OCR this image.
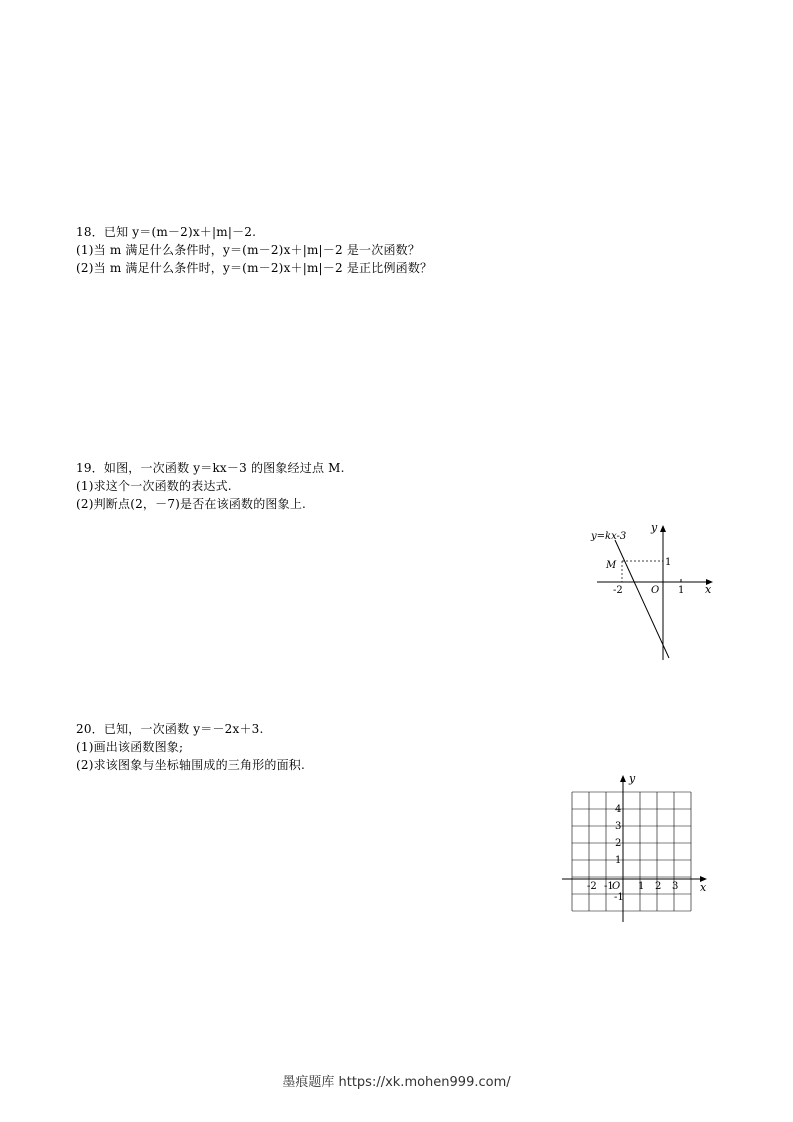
18．已知 y＝(m－2)x＋|m|－2.
(1)当 m 满足什么条件时，y＝(m－2)x＋|m|－2 是一次函数？
(2)当 m 满足什么条件时，y＝(m－2)x＋|m|－2 是正比例函数？
19．如图，一次函数 y＝kx－3 的图象经过点 M.
(1)求这个一次函数的表达式.
(2)判断点(2，－7)是否在该函数的图象上.
y=kx-3
y
x
M
O
-2	1
1
20．已知，一次函数 y＝－2x＋3.
(1)画出该函数图象;
(2)求该图象与坐标轴围成的三角形的面积.
y
x
O
-2 -1 1 2 3
4
3
2
1
-1
墨痕题库 https://xk.mohen999.com/
